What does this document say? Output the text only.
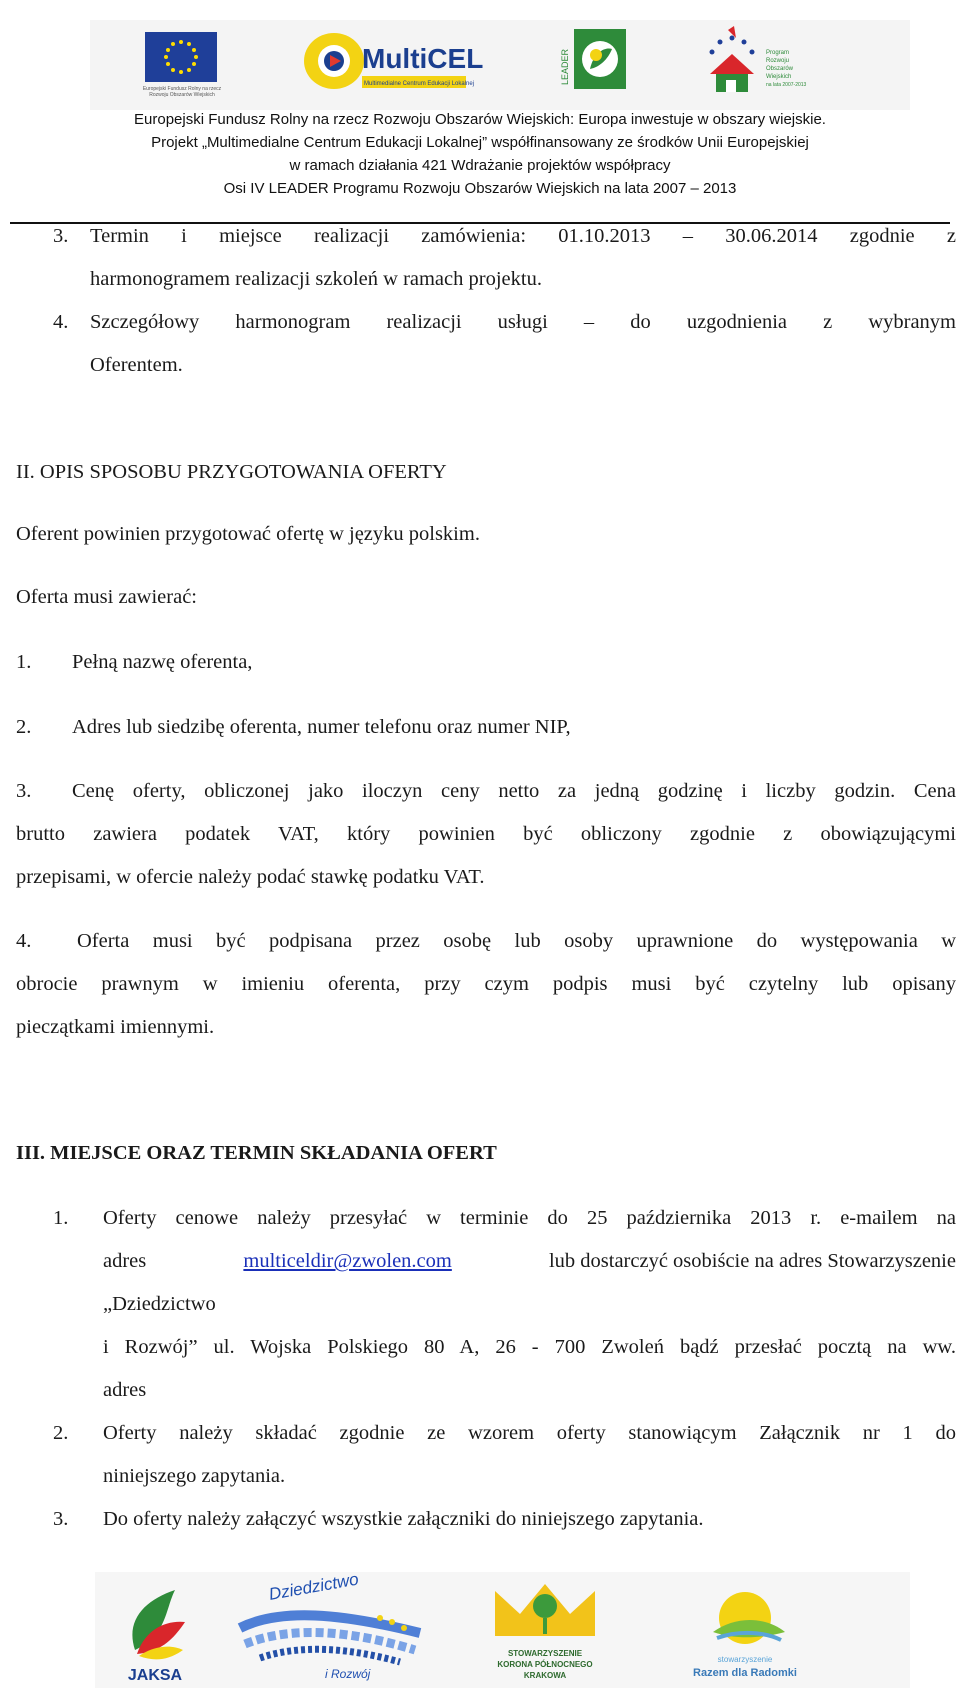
Europejski Fundusz Rolny na rzecz Rozwoju Obszarów Wiejskich
MultiCEL
Multimedialne Centrum Edukacji Lokalnej	LEADER	Program
Rozwoju
Obszarów
Wiejskich
na lata 2007-2013
Europejski Fundusz Rolny na rzecz Rozwoju Obszarów Wiejskich: Europa inwestuje w obszary wiejskie.
Projekt „Multimedialne Centrum Edukacji Lokalnej” współfinansowany ze środków Unii Europejskiej
w ramach działania 421 Wdrażanie projektów współpracy
Osi IV LEADER Programu Rozwoju Obszarów Wiejskich na lata 2007 – 2013
3. Termin i miejsce realizacji zamówienia: 01.10.2013 – 30.06.2014 zgodnie z
harmonogramem realizacji szkoleń w ramach projektu.
4. Szczegółowy harmonogram realizacji usługi – do uzgodnienia z wybranym
Oferentem.
II. OPIS SPOSOBU PRZYGOTOWANIA OFERTY
Oferent powinien przygotować ofertę w języku polskim.
Oferta musi zawierać:
1. Pełną nazwę oferenta,
2. Adres lub siedzibę oferenta, numer telefonu oraz numer NIP,
3. Cenę oferty, obliczonej jako iloczyn ceny netto za jedną godzinę i liczby godzin. Cena
brutto zawiera podatek VAT, który powinien być obliczony zgodnie z obowiązującymi
przepisami, w ofercie należy podać stawkę podatku VAT.
4. Oferta musi być podpisana przez osobę lub osoby uprawnione do występowania w
obrocie prawnym w imieniu oferenta, przy czym podpis musi być czytelny lub opisany
pieczątkami imiennymi.
III. MIEJSCE ORAZ TERMIN SKŁADANIA OFERT
1. Oferty cenowe należy przesyłać w terminie do 25 października 2013 r. e-mailem na
adres	multiceldir@zwolen.com	lub dostarczyć osobiście na adres Stowarzyszenie
„Dziedzictwo
i Rozwój” ul. Wojska Polskiego 80 A, 26 - 700 Zwoleń bądź przesłać pocztą na ww.
adres
2. Oferty należy składać zgodnie ze wzorem oferty stanowiącym Załącznik nr 1 do
niniejszego zapytania.
3. Do oferty należy załączyć wszystkie załączniki do niniejszego zapytania.
JAKSA
Dziedzictwo
i Rozwój
STOWARZYSZENIE
KORONA PÓŁNOCNEGO
KRAKOWA
stowarzyszenie
Razem dla Radomki
